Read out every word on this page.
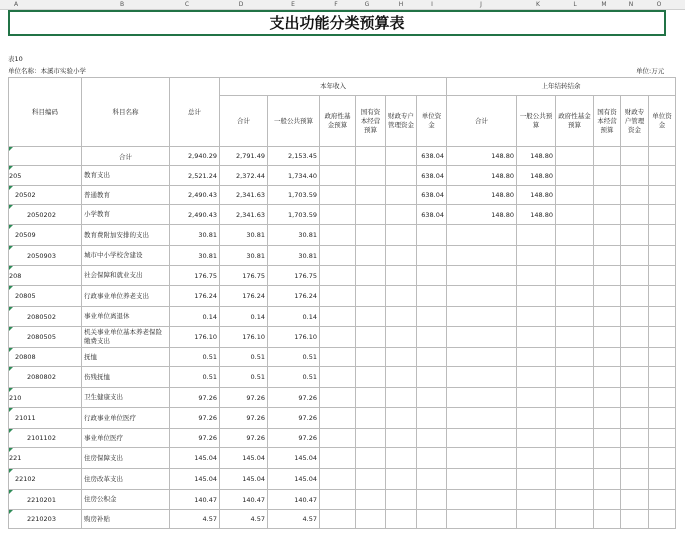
A	B	C	D	E	F	G	H	I	J	K	L	M	N	O
支出功能分类预算表
表10
单位名称：本溪市实验小学	单位:万元
科目编码	科目名称	总计	本年收入						上年结转结余					
			合计	一般公共预算	政府性基金预算	国有资本经营预算	财政专户管理资金	单位资金	合计	一般公共预算	政府性基金预算	国有资本经营预算	财政专户管理资金	单位资金
	合计	2,940.29	2,791.49	2,153.45				638.04	148.80	148.80				
205	教育支出	2,521.24	2,372.44	1,734.40				638.04	148.80	148.80				
20502	普通教育	2,490.43	2,341.63	1,703.59				638.04	148.80	148.80				
2050202	小学教育	2,490.43	2,341.63	1,703.59				638.04	148.80	148.80				
20509	教育费附加安排的支出	30.81	30.81	30.81										
2050903	城市中小学校舍建设	30.81	30.81	30.81										
208	社会保障和就业支出	176.75	176.75	176.75										
20805	行政事业单位养老支出	176.24	176.24	176.24										
2080502	事业单位离退休	0.14	0.14	0.14										
2080505	机关事业单位基本养老保险缴费支出	176.10	176.10	176.10										
20808	抚恤	0.51	0.51	0.51										
2080802	伤残抚恤	0.51	0.51	0.51										
210	卫生健康支出	97.26	97.26	97.26										
21011	行政事业单位医疗	97.26	97.26	97.26										
2101102	事业单位医疗	97.26	97.26	97.26										
221	住房保障支出	145.04	145.04	145.04										
22102	住房改革支出	145.04	145.04	145.04										
2210201	住房公积金	140.47	140.47	140.47										
2210203	购房补贴	4.57	4.57	4.57										
